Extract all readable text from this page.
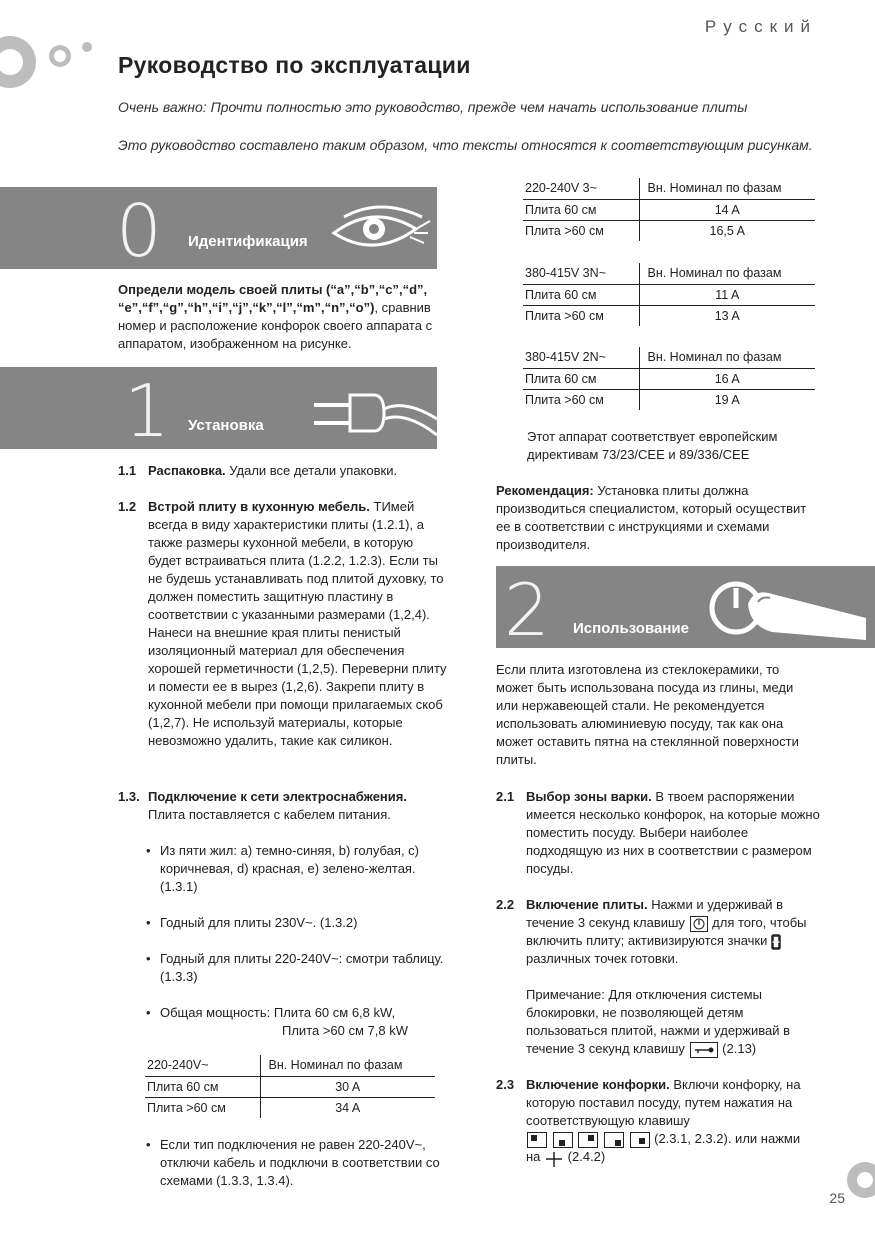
Русский
Руководство по эксплуатации
Очень важно: Прочти полностью это руководство, прежде чем начать использование плиты
Это руководство составлено таким образом, что тексты относятся к соответствующим рисункам.
0 Идентификация
Определи модель своей плиты (“a”,“b”,“c”,“d”, “e”,“f”,“g”,“h”,“i”,“j”,“k”,“l”,“m”,“n”,“o”), сравнив номер и расположение конфорок своего аппарата с аппаратом, изображенном на рисунке.
1 Установка
1.1 Распаковка. Удали все детали упаковки.
1.2 Встрой плиту в кухонную мебель. ТИмей всегда в виду характеристики плиты (1.2.1), а также размеры кухонной мебели, в которую будет встраиваться плита (1.2.2, 1.2.3). Если ты не будешь устанавливать под плитой духовку, то должен поместить защитную пластину в соответствии с указанными размерами (1,2,4). Нанеси на внешние края плиты пенистый изоляционный материал для обеспечения хорошей герметичности (1,2,5). Переверни плиту и помести ее в вырез (1,2,6). Закрепи плиту в кухонной мебели при помощи прилагаемых скоб (1,2,7). Не используй материалы, которые невозможно удалить, такие как силикон.
1.3. Подключение к сети электроснабжения.
Плита поставляется с кабелем питания.
• Из пяти жил: a) темно-синяя, b) голубая, c) коричневая, d) красная, e) зелено-желтая. (1.3.1)
• Годный для плиты 230V~. (1.3.2)
• Годный для плиты 220-240V~: смотри таблицу. (1.3.3)
• Общая мощность: Плита 60 см 6,8 kW,
Плита >60 см 7,8 kW
220-240V~	Вн. Номинал по фазам
Плита 60 см	30 A
Плита >60 см	34 A
• Если тип подключения не равен 220-240V~, отключи кабель и подключи в соответствии со схемами (1.3.3, 1.3.4).
220-240V 3~	Вн. Номинал по фазам
Плита 60 см	14 A
Плита >60 см	16,5 A
380-415V 3N~	Вн. Номинал по фазам
Плита 60 см	11 A
Плита >60 см	13 A
380-415V 2N~	Вн. Номинал по фазам
Плита 60 см	16 A
Плита >60 см	19 A
Этот аппарат соответствует европейским директивам 73/23/CEE и 89/336/CEE
Рекомендация: Установка плиты должна производиться специалистом, который осуществит ее в соответствии с инструкциями и схемами производителя.
2 Использование
Если плита изготовлена из стеклокерамики, то может быть использована посуда из глины, меди или нержавеющей стали. Не рекомендуется использовать алюминиевую посуду, так как она может оставить пятна на стеклянной поверхности плиты.
2.1 Выбор зоны варки. В твоем распоряжении имеется несколько конфорок, на которые можно поместить посуду. Выбери наиболее подходящую из них в соответствии с размером посуды.
2.2 Включение плиты. Нажми и удерживай в течение 3 секунд клавишу
для того, чтобы включить плиту; активизируются значки
различных точек готовки.
Примечание: Для отключения системы блокировки, не позволяющей детям пользоваться плитой, нажми и удерживай в течение 3 секунд клавишу	(2.13)
2.3 Включение конфорки. Включи конфорку, на которую поставил посуду, путем нажатия на соответствующую клавишу

(2.3.1, 2.3.2). или нажми
на (2.4.2)
25
